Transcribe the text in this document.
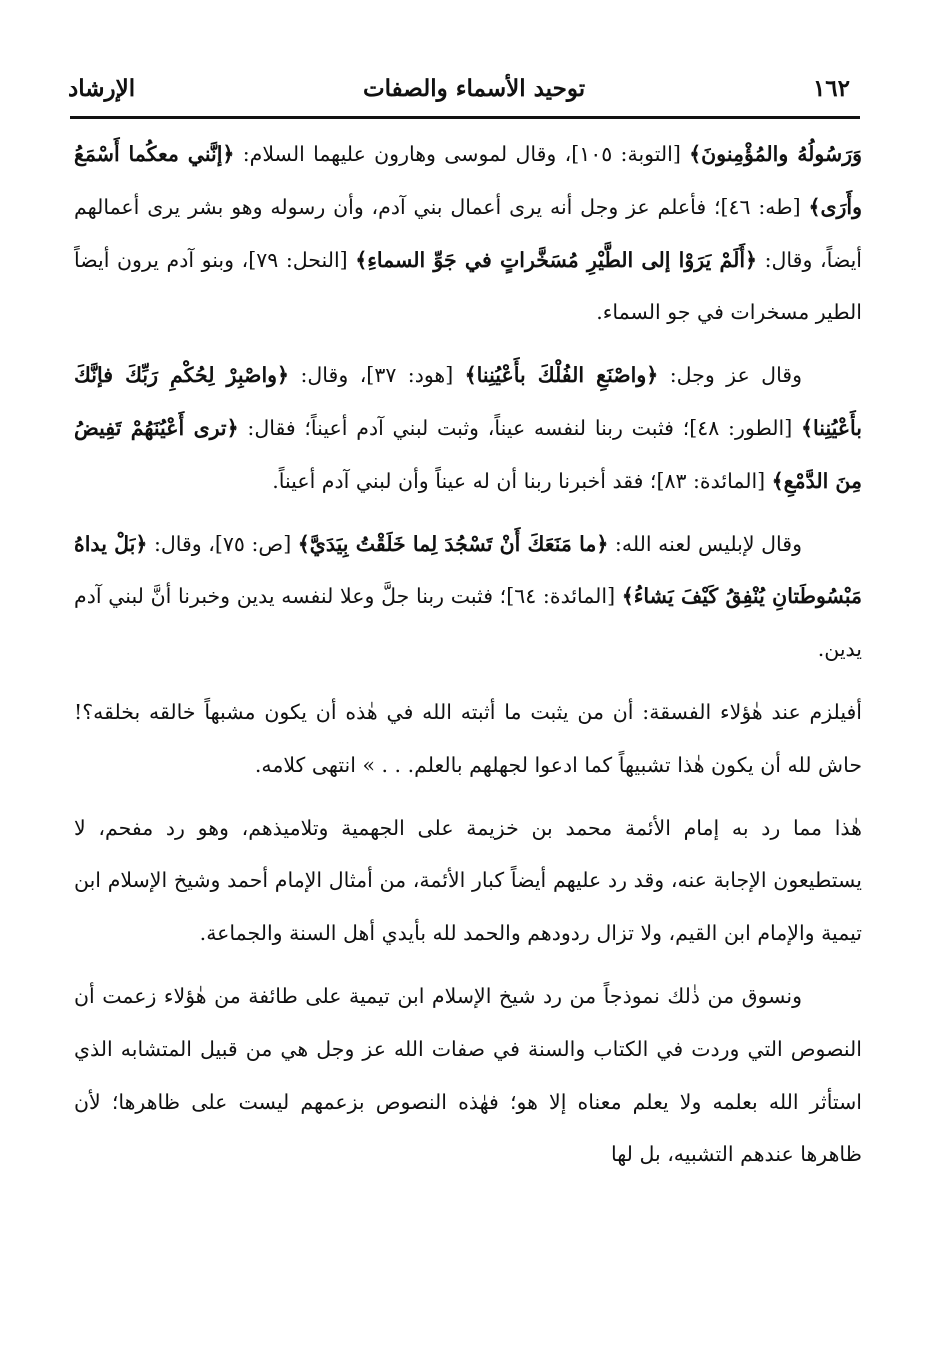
١٦٢
توحيد الأسماء والصفات
الإرشاد

وَرَسُولُهُ والمُؤْمِنونَ﴾ [التوبة: ١٠٥]، وقال لموسى وهارون عليهما السلام: ﴿إنَّني معكُما أَسْمَعُ وأَرَى﴾ [طه: ٤٦]؛ فأعلم عز وجل أنه يرى أعمال بني آدم، وأن رسوله وهو بشر يرى أعمالهم أيضاً، وقال: ﴿أَلَمْ يَرَوْا إلى الطَّيْرِ مُسَخَّراتٍ في جَوِّ السماءِ﴾ [النحل: ٧٩]، وبنو آدم يرون أيضاً الطير مسخرات في جو السماء.

وقال عز وجل: ﴿واصْنَعِ الفُلْكَ بأَعْيُنِنا﴾ [هود: ٣٧]، وقال: ﴿واصْبِرْ لِحُكْمِ رَبِّكَ فإنَّكَ بأَعْيُنِنا﴾ [الطور: ٤٨]؛ فثبت ربنا لنفسه عيناً، وثبت لبني آدم أعيناً؛ فقال: ﴿ترى أَعْيُنَهُمْ تَفِيضُ مِنَ الدَّمْعِ﴾ [المائدة: ٨٣]؛ فقد أخبرنا ربنا أن له عيناً وأن لبني آدم أعيناً.

وقال لإبليس لعنه الله: ﴿ما مَنَعَكَ أَنْ تَسْجُدَ لِما خَلَقْتُ بِيَدَيَّ﴾ [ص: ٧٥]، وقال: ﴿بَلْ يداهُ مَبْسُوطَتانِ يُنْفِقُ كَيْفَ يَشاءُ﴾ [المائدة: ٦٤]؛ فثبت ربنا جلَّ وعلا لنفسه يدين وخبرنا أنَّ لبني آدم يدين.

أفيلزم عند هٰؤلاء الفسقة: أن من يثبت ما أثبته الله في هٰذه أن يكون مشبهاً خالقه بخلقه؟! حاش لله أن يكون هٰذا تشبيهاً كما ادعوا لجهلهم بالعلم. . . » انتهى كلامه.

هٰذا مما رد به إمام الأئمة محمد بن خزيمة على الجهمية وتلاميذهم، وهو رد مفحم، لا يستطيعون الإجابة عنه، وقد رد عليهم أيضاً كبار الأئمة، من أمثال الإمام أحمد وشيخ الإسلام ابن تيمية والإمام ابن القيم، ولا تزال ردودهم والحمد لله بأيدي أهل السنة والجماعة.

ونسوق من ذٰلك نموذجاً من رد شيخ الإسلام ابن تيمية على طائفة من هٰؤلاء زعمت أن النصوص التي وردت في الكتاب والسنة في صفات الله عز وجل هي من قبيل المتشابه الذي استأثر الله بعلمه ولا يعلم معناه إلا هو؛ فهٰذه النصوص بزعمهم ليست على ظاهرها؛ لأن ظاهرها عندهم التشبيه، بل لها
